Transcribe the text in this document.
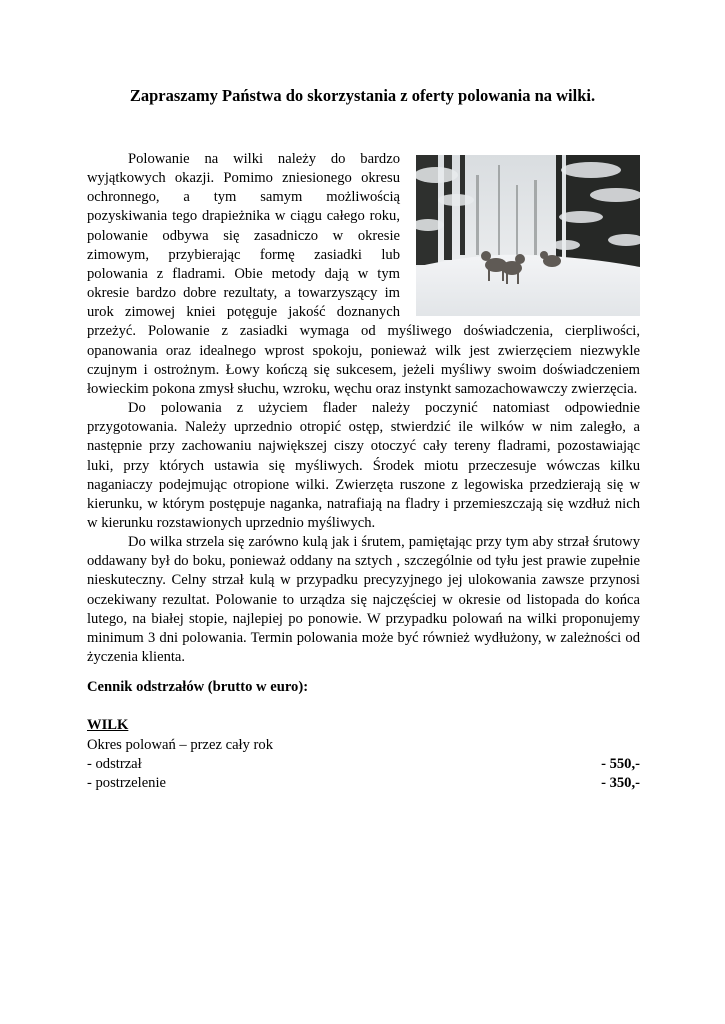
Zapraszamy Państwa do skorzystania z oferty polowania na wilki.

Polowanie na wilki należy do bardzo wyjątkowych okazji. Pomimo zniesionego okresu ochronnego, a tym samym możliwością pozyskiwania tego drapieżnika w ciągu całego roku, polowanie odbywa się zasadniczo w okresie zimowym, przybierając formę zasiadki lub polowania z fladrami. Obie metody dają w tym okresie bardzo dobre rezultaty, a towarzyszący im urok zimowej kniei potęguje jakość doznanych przeżyć. Polowanie z zasiadki wymaga od myśliwego doświadczenia, cierpliwości, opanowania oraz idealnego wprost spokoju, ponieważ wilk jest zwierzęciem niezwykle czujnym i ostrożnym. Łowy kończą się sukcesem, jeżeli myśliwy swoim doświadczeniem łowieckim pokona zmysł słuchu, wzroku, węchu oraz instynkt samozachowawczy zwierzęcia.

Do polowania z użyciem flader należy poczynić natomiast odpowiednie przygotowania. Należy uprzednio otropić ostęp, stwierdzić ile wilków w nim zaległo, a następnie przy zachowaniu największej ciszy otoczyć cały tereny fladrami, pozostawiając luki, przy których ustawia się myśliwych. Środek miotu przeczesuje wówczas kilku naganiaczy podejmując otropione wilki. Zwierzęta ruszone z legowiska przedzierają się w kierunku, w którym postępuje naganka, natrafiają na fladry i przemieszczają się wzdłuż nich w kierunku rozstawionych uprzednio myśliwych.

Do wilka strzela się zarówno kulą jak i śrutem, pamiętając przy tym aby strzał śrutowy oddawany był do boku, ponieważ oddany na sztych , szczególnie od tyłu jest prawie zupełnie nieskuteczny. Celny strzał kulą w przypadku precyzyjnego jej ulokowania zawsze przynosi oczekiwany rezultat. Polowanie to urządza się najczęściej w okresie od listopada do końca lutego, na białej stopie, najlepiej po ponowie. W przypadku polowań na wilki proponujemy minimum 3 dni polowania. Termin polowania może być również wydłużony, w zależności od życzenia klienta.

Cennik odstrzałów (brutto w euro):

WILK

Okres polowań – przez cały rok

- odstrzał	- 550,-
- postrzelenie	- 350,-
